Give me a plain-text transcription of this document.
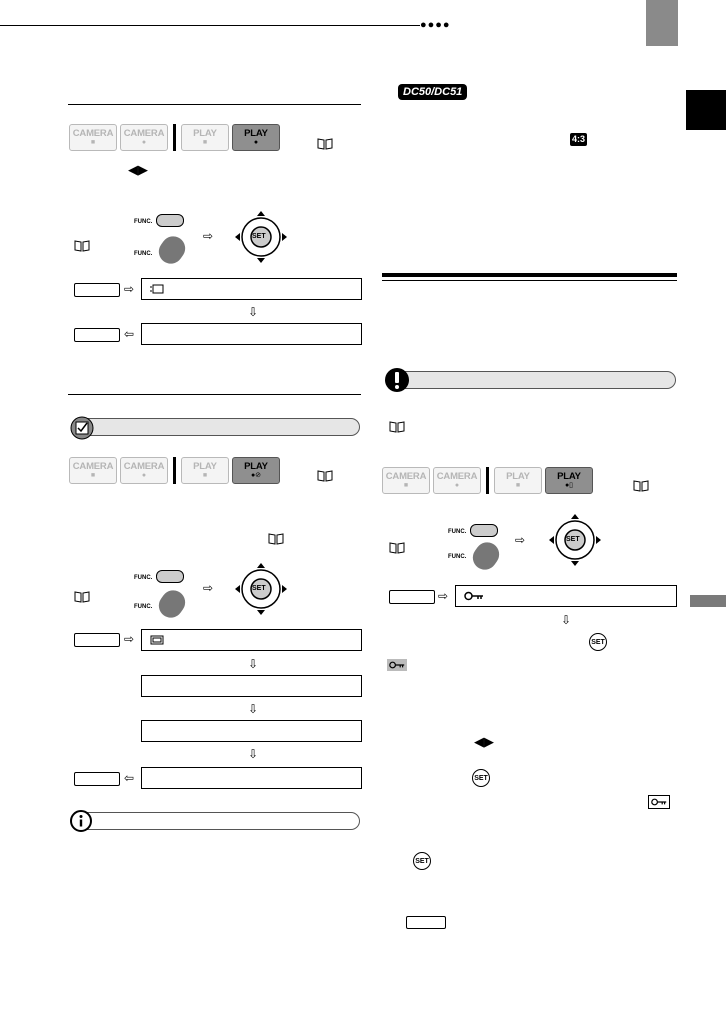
●●●●
CAMERA
■
CAMERA
●
PLAY
■
PLAY
●
◀▶
FUNC.
FUNC.
⇨	SET
⇨
⇩
⇦
CAMERA
■
CAMERA
●
PLAY
■
PLAY
●⊘
FUNC.
FUNC.
⇨	SET
⇨
⇩
⇩
⇩
⇦
DC50/DC51
4:3
CAMERA
■
CAMERA
●
PLAY
■
PLAY
●▯
FUNC.
FUNC.
⇨	SET
⇨
⇩
SET
◀▶
SET
SET
